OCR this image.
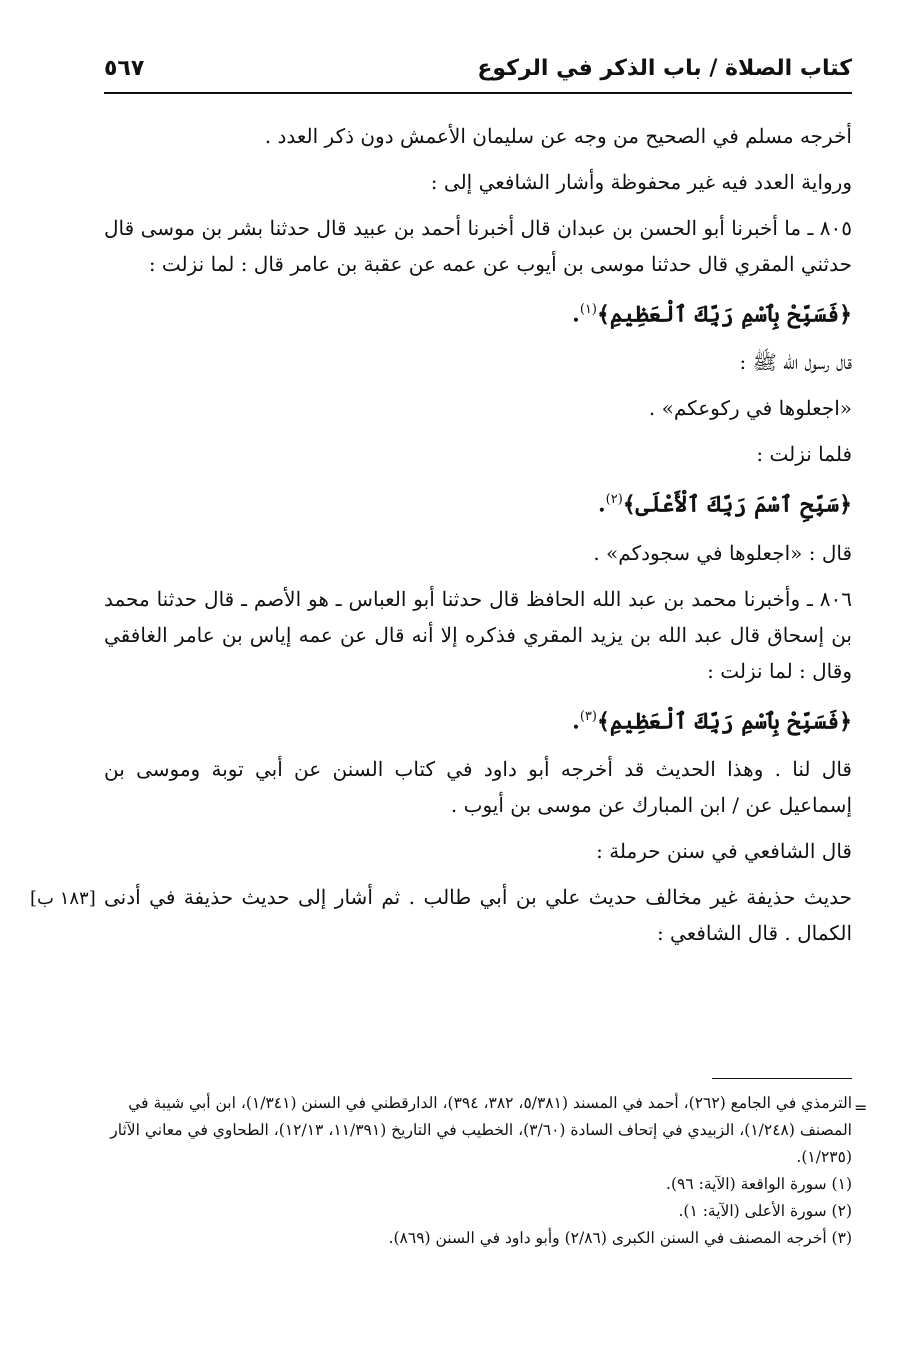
كتاب الصلاة / باب الذكر في الركوع
٥٦٧

أخرجه مسلم في الصحيح من وجه عن سليمان الأعمش دون ذكر العدد .

ورواية العدد فيه غير محفوظة وأشار الشافعي إلى :

٨٠٥ ـ ما أخبرنا أبو الحسن بن عبدان قال أخبرنا أحمد بن عبيد قال حدثنا بشر بن موسى قال حدثني المقري قال حدثنا موسى بن أيوب عن عمه عن عقبة بن عامر قال : لما نزلت :

﴿فَسَبِّحْ بِٱسْمِ رَبِّكَ ٱلْعَظِيمِ﴾$^{(١)}$.

قال رسول الله ﷺ :

«اجعلوها في ركوعكم» .

فلما نزلت :

﴿سَبِّحِ ٱسْمَ رَبِّكَ ٱلْأَعْلَى﴾$^{(٢)}$.

قال : «اجعلوها في سجودكم» .

٨٠٦ ـ وأخبرنا محمد بن عبد الله الحافظ قال حدثنا أبو العباس ـ هو الأصم ـ قال حدثنا محمد بن إسحاق قال عبد الله بن يزيد المقري فذكره إلا أنه قال عن عمه إياس بن عامر الغافقي وقال : لما نزلت :

﴿فَسَبِّحْ بِٱسْمِ رَبِّكَ ٱلْعَظِيمِ﴾$^{(٣)}$.

قال لنا . وهذا الحديث قد أخرجه أبو داود في كتاب السنن عن أبي توبة وموسى بن إسماعيل عن / ابن المبارك عن موسى بن أيوب .

قال الشافعي في سنن حرملة :

حديث حذيفة غير مخالف حديث علي بن أبي طالب . ثم أشار إلى حديث حذيفة في أدنى الكمال . قال الشافعي :

[١٨٣ ب]
=

الترمذي في الجامع (٢٦٢)، أحمد في المسند (٥/٣٨١، ٣٨٢، ٣٩٤)، الدارقطني في السنن (١/٣٤١)، ابن أبي شيبة في المصنف (١/٢٤٨)، الزبيدي في إتحاف السادة (٣/٦٠)، الخطيب في التاريخ (١١/٣٩١، ١٢/١٣)، الطحاوي في معاني الآثار (١/٢٣٥).

(١) سورة الواقعة (الآية: ٩٦).

(٢) سورة الأعلى (الآية: ١).

(٣) أخرجه المصنف في السنن الكبرى (٢/٨٦) وأبو داود في السنن (٨٦٩).
